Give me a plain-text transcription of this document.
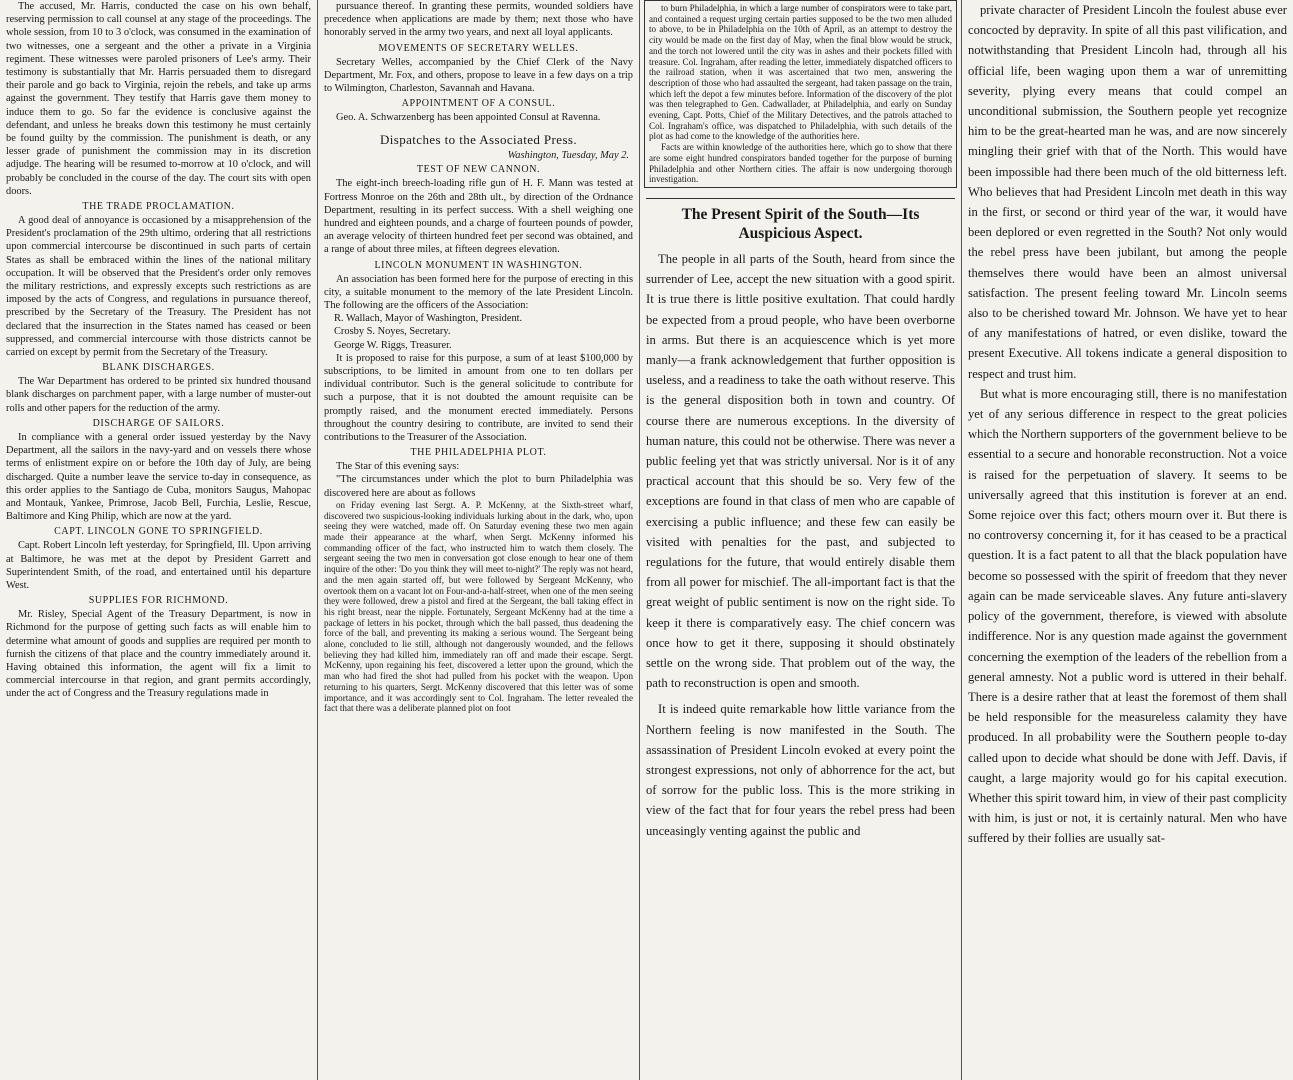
The accused, Mr. Harris, conducted the case on his own behalf, reserving permission to call counsel at any stage of the proceedings. The whole session, from 10 to 3 o'clock, was consumed in the examination of two witnesses, one a sergeant and the other a private in a Virginia regiment. These witnesses were paroled prisoners of Lee's army. Their testimony is substantially that Mr. Harris persuaded them to disregard their parole and go back to Virginia, rejoin the rebels, and take up arms against the government. They testify that Harris gave them money to induce them to go. So far the evidence is conclusive against the defendant, and unless he breaks down this testimony he must certainly be found guilty by the commission. The punishment is death, or any lesser grade of punishment the commission may in its discretion adjudge. The hearing will be resumed to-morrow at 10 o'clock, and will probably be concluded in the course of the day. The court sits with open doors.

THE TRADE PROCLAMATION.

A good deal of annoyance is occasioned by a misapprehension of the President's proclamation of the 29th ultimo, ordering that all restrictions upon commercial intercourse be discontinued in such parts of certain States as shall be embraced within the lines of the national military occupation. It will be observed that the President's order only removes the military restrictions, and expressly excepts such restrictions as are imposed by the acts of Congress, and regulations in pursuance thereof, prescribed by the Secretary of the Treasury. The President has not declared that the insurrection in the States named has ceased or been suppressed, and commercial intercourse with those districts cannot be carried on except by permit from the Secretary of the Treasury.

BLANK DISCHARGES.

The War Department has ordered to be printed six hundred thousand blank discharges on parchment paper, with a large number of muster-out rolls and other papers for the reduction of the army.

DISCHARGE OF SAILORS.

In compliance with a general order issued yesterday by the Navy Department, all the sailors in the navy-yard and on vessels there whose terms of enlistment expire on or before the 10th day of July, are being discharged. Quite a number leave the service to-day in consequence, as this order applies to the Santiago de Cuba, monitors Saugus, Mahopac and Montauk, Yankee, Primrose, Jacob Bell, Furchia, Leslie, Rescue, Baltimore and King Philip, which are now at the yard.

CAPT. LINCOLN GONE TO SPRINGFIELD.

Capt. Robert Lincoln left yesterday, for Springfield, Ill. Upon arriving at Baltimore, he was met at the depot by President Garrett and Superintendent Smith, of the road, and entertained until his departure West.

SUPPLIES FOR RICHMOND.

Mr. Risley, Special Agent of the Treasury Department, is now in Richmond for the purpose of getting such facts as will enable him to determine what amount of goods and supplies are required per month to furnish the citizens of that place and the country immediately around it. Having obtained this information, the agent will fix a limit to commercial intercourse in that region, and grant permits accordingly, under the act of Congress and the Treasury regulations made in

pursuance thereof. In granting these permits, wounded soldiers have precedence when applications are made by them; next those who have honorably served in the army two years, and next all loyal applicants.

MOVEMENTS OF SECRETARY WELLES.

Secretary Welles, accompanied by the Chief Clerk of the Navy Department, Mr. Fox, and others, propose to leave in a few days on a trip to Wilmington, Charleston, Savannah and Havana.

APPOINTMENT OF A CONSUL.

Geo. A. Schwarzenberg has been appointed Consul at Ravenna.

Dispatches to the Associated Press.
Washington, Tuesday, May 2.
TEST OF NEW CANNON.

The eight-inch breech-loading rifle gun of H. F. Mann was tested at Fortress Monroe on the 26th and 28th ult., by direction of the Ordnance Department, resulting in its perfect success. With a shell weighing one hundred and eighteen pounds, and a charge of fourteen pounds of powder, an average velocity of thirteen hundred feet per second was obtained, and a range of about three miles, at fifteen degrees elevation.

LINCOLN MONUMENT IN WASHINGTON.

An association has been formed here for the purpose of erecting in this city, a suitable monument to the memory of the late President Lincoln. The following are the officers of the Association:

R. Wallach, Mayor of Washington, President.

Crosby S. Noyes, Secretary.

George W. Riggs, Treasurer.

It is proposed to raise for this purpose, a sum of at least $100,000 by subscriptions, to be limited in amount from one to ten dollars per individual contributor. Such is the general solicitude to contribute for such a purpose, that it is not doubted the amount requisite can be promptly raised, and the monument erected immediately. Persons throughout the country desiring to contribute, are invited to send their contributions to the Treasurer of the Association.

THE PHILADELPHIA PLOT.

The Star of this evening says:

"The circumstances under which the plot to burn Philadelphia was discovered here are about as follows

on Friday evening last Sergt. A. P. McKenny, at the Sixth-street wharf, discovered two suspicious-looking individuals lurking about in the dark, who, upon seeing they were watched, made off. On Saturday evening these two men again made their appearance at the wharf, when Sergt. McKenny informed his commanding officer of the fact, who instructed him to watch them closely. The sergeant seeing the two men in conversation got close enough to hear one of them inquire of the other: 'Do you think they will meet to-night?' The reply was not heard, and the men again started off, but were followed by Sergeant McKenny, who overtook them on a vacant lot on Four-and-a-half-street, when one of the men seeing they were followed, drew a pistol and fired at the Sergeant, the ball taking effect in his right breast, near the nipple. Fortunately, Sergeant McKenny had at the time a package of letters in his pocket, through which the ball passed, thus deadening the force of the ball, and preventing its making a serious wound. The Sergeant being alone, concluded to lie still, although not dangerously wounded, and the fellows believing they had killed him, immediately ran off and made their escape. Sergt. McKenny, upon regaining his feet, discovered a letter upon the ground, which the man who had fired the shot had pulled from his pocket with the weapon. Upon returning to his quarters, Sergt. McKenny discovered that this letter was of some importance, and it was accordingly sent to Col. Ingraham. The letter revealed the fact that there was a deliberate planned plot on foot

to burn Philadelphia, in which a large number of conspirators were to take part, and contained a request urging certain parties supposed to be the two men alluded to above, to be in Philadelphia on the 10th of April, as an attempt to destroy the city would be made on the first day of May, when the final blow would be struck, and the torch not lowered until the city was in ashes and their pockets filled with treasure. Col. Ingraham, after reading the letter, immediately dispatched officers to the railroad station, when it was ascertained that two men, answering the description of those who had assaulted the sergeant, had taken passage on the train, which left the depot a few minutes before. Information of the discovery of the plot was then telegraphed to Gen. Cadwallader, at Philadelphia, and early on Sunday evening, Capt. Potts, Chief of the Military Detectives, and the patrols attached to Col. Ingraham's office, was dispatched to Philadelphia, with such details of the plot as had come to the knowledge of the authorities here.

Facts are within knowledge of the authorities here, which go to show that there are some eight hundred conspirators banded together for the purpose of burning Philadelphia and other Northern cities. The affair is now undergoing thorough investigation.

The Present Spirit of the South—Its Auspicious Aspect.

The people in all parts of the South, heard from since the surrender of Lee, accept the new situation with a good spirit. It is true there is little positive exultation. That could hardly be expected from a proud people, who have been overborne in arms. But there is an acquiescence which is yet more manly—a frank acknowledgement that further opposition is useless, and a readiness to take the oath without reserve. This is the general disposition both in town and country. Of course there are numerous exceptions. In the diversity of human nature, this could not be otherwise. There was never a public feeling yet that was strictly universal. Nor is it of any practical account that this should be so. Very few of the exceptions are found in that class of men who are capable of exercising a public influence; and these few can easily be visited with penalties for the past, and subjected to regulations for the future, that would entirely disable them from all power for mischief. The all-important fact is that the great weight of public sentiment is now on the right side. To keep it there is comparatively easy. The chief concern was once how to get it there, supposing it should obstinately settle on the wrong side. That problem out of the way, the path to reconstruction is open and smooth.

It is indeed quite remarkable how little variance from the Northern feeling is now manifested in the South. The assassination of President Lincoln evoked at every point the strongest expressions, not only of abhorrence for the act, but of sorrow for the public loss. This is the more striking in view of the fact that for four years the rebel press had been unceasingly venting against the public and

private character of President Lincoln the foulest abuse ever concocted by depravity. In spite of all this past vilification, and notwithstanding that President Lincoln had, through all his official life, been waging upon them a war of unremitting severity, plying every means that could compel an unconditional submission, the Southern people yet recognize him to be the great-hearted man he was, and are now sincerely mingling their grief with that of the North. This would have been impossible had there been much of the old bitterness left. Who believes that had President Lincoln met death in this way in the first, or second or third year of the war, it would have been deplored or even regretted in the South? Not only would the rebel press have been jubilant, but among the people themselves there would have been an almost universal satisfaction. The present feeling toward Mr. Lincoln seems also to be cherished toward Mr. Johnson. We have yet to hear of any manifestations of hatred, or even dislike, toward the present Executive. All tokens indicate a general disposition to respect and trust him.

But what is more encouraging still, there is no manifestation yet of any serious difference in respect to the great policies which the Northern supporters of the government believe to be essential to a secure and honorable reconstruction. Not a voice is raised for the perpetuation of slavery. It seems to be universally agreed that this institution is forever at an end. Some rejoice over this fact; others mourn over it. But there is no controversy concerning it, for it has ceased to be a practical question. It is a fact patent to all that the black population have become so possessed with the spirit of freedom that they never again can be made serviceable slaves. Any future anti-slavery policy of the government, therefore, is viewed with absolute indifference. Nor is any question made against the government concerning the exemption of the leaders of the rebellion from a general amnesty. Not a public word is uttered in their behalf. There is a desire rather that at least the foremost of them shall be held responsible for the measureless calamity they have produced. In all probability were the Southern people to-day called upon to decide what should be done with Jeff. Davis, if caught, a large majority would go for his capital execution. Whether this spirit toward him, in view of their past complicity with him, is just or not, it is certainly natural. Men who have suffered by their follies are usually sat-
